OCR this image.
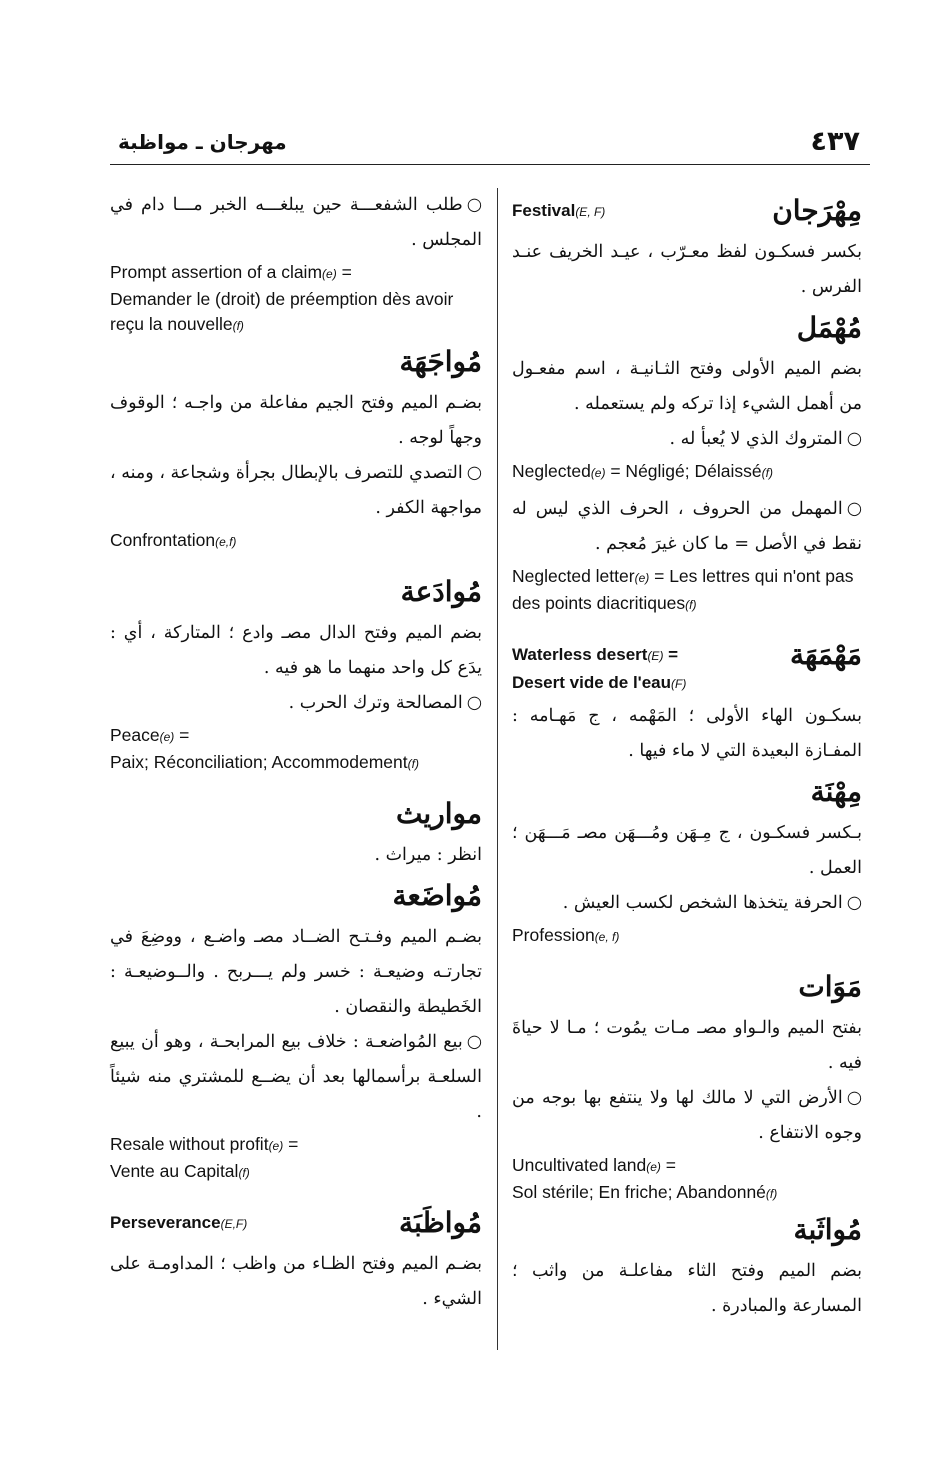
مهرجان ـ مواظبة	٤٣٧
Festival(E, F)	مِهْرَجان
بكسر فسكـون لفظ معـرّب ، عيـد الخريف عنـد الفرس .
مُهْمَل
بضم الميم الأولى وفتح الثـانيـة ، اسم مفعـول من أهمل الشيء إذا تركه ولم يستعمله .
○المتروك الذي لا يُعبأ له .
Neglected(e) = Négligé; Délaissé(f)
○المهمل من الحروف ، الحرف الذي ليس له نقط في الأصل = ما كان غيرَ مُعجم .
Neglected letter(e) = Les lettres qui n'ont pas des points diacritiques(f)
Waterless desert(E) =	مَهْمَهَة
Desert vide de l'eau(F)
بسكـون الهاء الأولى ؛ المَهْمه ، ج مَهـامه : المفـازة البعيدة التي لا ماء فيها .
مِهْنَة
بـكسر فسكـون ، ج مِـهَن ومُـــهَن مصـ مَـــهَن ؛ العمل .
○الحرفة يتخذها الشخص لكسب العيش .
Profession(e, f)
مَوَات
بفتح الميم والـواو مصـ مـات يمُوت ؛ مـا لا حياةَ فيه .
○الأرض التي لا مالك لها ولا ينتفع بها بوجه من وجوه الانتفاع .
Uncultivated land(e) =
Sol stérile; En friche; Abandonné(f)
مُواثَبة
بضم الميم وفتح الثاء مفاعلـة من واثب ؛ المسارعة والمبادرة .
○طلب الشفعـــة حين يبلغـــه الخبر مـــا دام في المجلس .
Prompt assertion of a claim(e) =
Demander le (droit) de préemption dès avoir reçu la nouvelle(f)
مُواجَهَة
بضـم الميم وفتح الجيم مفاعلة من واجـه ؛ الوقوف وجهاً لوجه .
○التصدي للتصرف بالإبطال بجرأة وشجاعة ، ومنه ، مواجهة الكفر .
Confrontation(e,f)
مُوادَعة
بضم الميم وفتح الدال مصـ وادع ؛ المتاركة ، أي : يدَع كل واحد منهما ما هو فيه .
○المصالحة وترك الحرب .
Peace(e) =
Paix; Réconciliation; Accommodement(f)
مواريث
انظر : ميراث .
مُواضَعة
بضـم الميم وفـتـح الضــاد مصـ واضـع ، ووضِعَ في تجارتـه وضيعـة : خسر ولم يـــربح . والــوضيعـة : الخَطيطة والنقصان .
○بيع المُواضعـة : خلاف بيع المرابحـة ، وهو أن يبيع السلعـة برأسمالها بعد أن يضــع للمشتري منه شيئاً .
Resale without profit(e) =
Vente au Capital(f)
Perseverance(E,F)	مُواظَبَة
بضـم الميم وفتح الظـاء من واظب ؛ المداومـة على الشيء .
